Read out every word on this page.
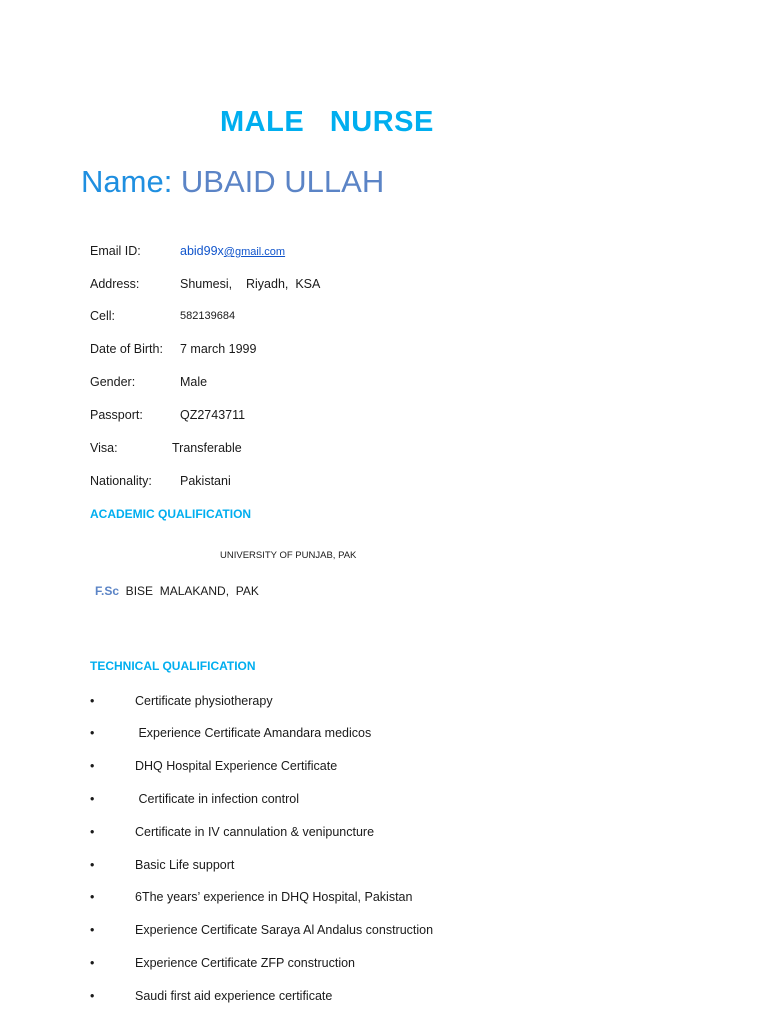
MALE   NURSE
Name: UBAID ULLAH
Email ID:	abid99x@gmail.com
Address:	Shumesi,    Riyadh,  KSA
Cell:	582139684
Date of Birth: 7 march 1999
Gender:	Male
Passport:	QZ2743711
Visa:	Transferable
Nationality: Pakistani
ACADEMIC QUALIFICATION
UNIVERSITY OF PUNJAB, PAK
F.Sc  BISE  MALAKAND,  PAK
TECHNICAL QUALIFICATION
•	Certificate physiotherapy
•	Experience Certificate Amandara medicos
•	DHQ Hospital Experience Certificate
•	Certificate in infection control
•	Certificate in IV cannulation & venipuncture
•	Basic Life support
•	6The years’ experience in DHQ Hospital, Pakistan
•	Experience Certificate Saraya Al Andalus construction
•	Experience Certificate ZFP construction
•	Saudi first aid experience certificate
